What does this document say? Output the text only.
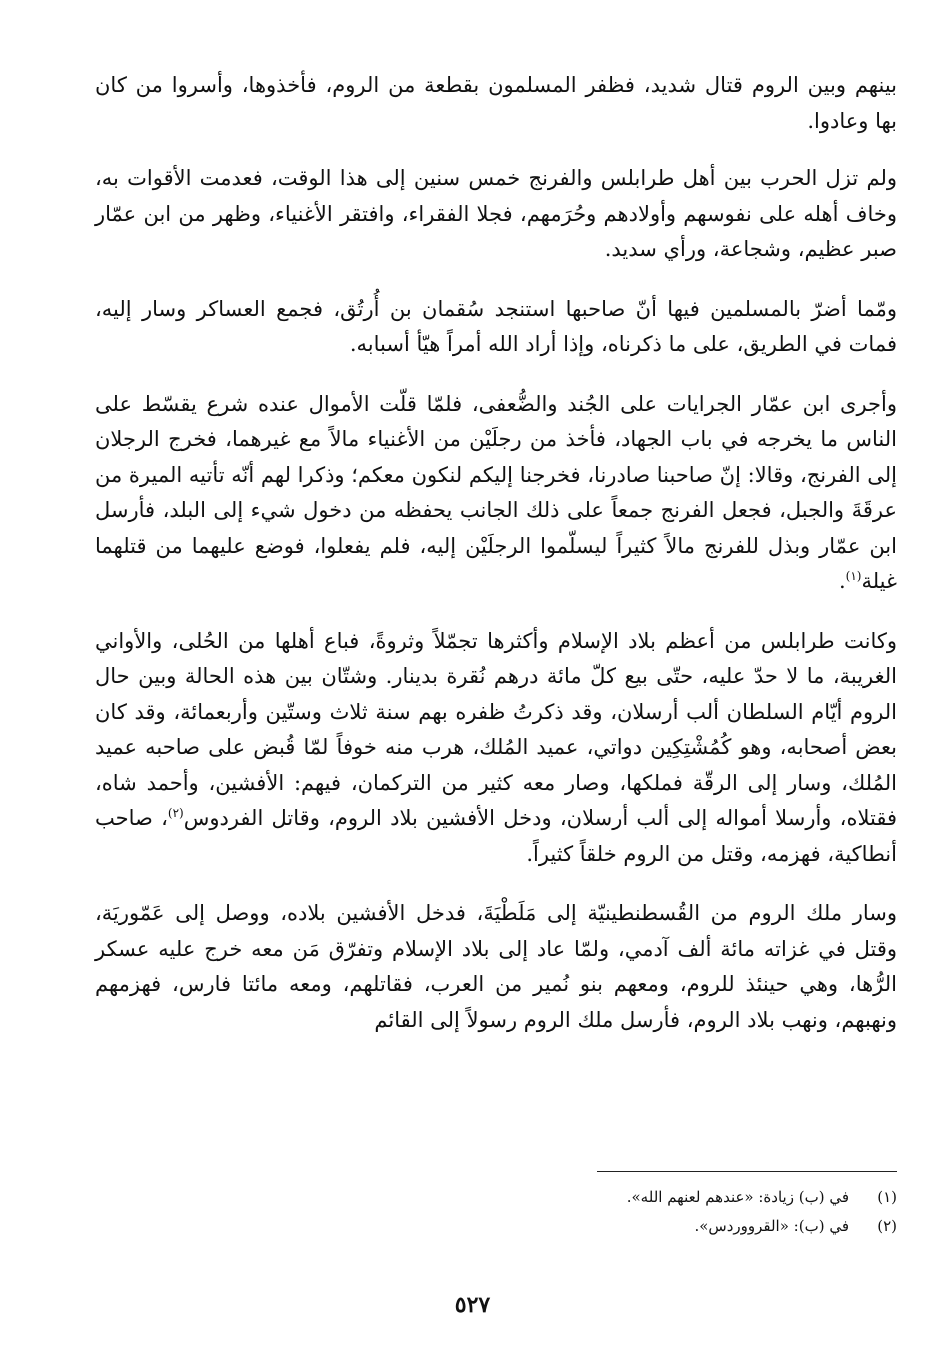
بينهم وبين الروم قتال شديد، فظفر المسلمون بقطعة من الروم، فأخذوها، وأسروا من كان بها وعادوا.

ولم تزل الحرب بين أهل طرابلس والفرنج خمس سنين إلى هذا الوقت، فعدمت الأقوات به، وخاف أهله على نفوسهم وأولادهم وحُرَمهم، فجلا الفقراء، وافتقر الأغنياء، وظهر من ابن عمّار صبر عظيم، وشجاعة، ورأي سديد.

ومّما أضرّ بالمسلمين فيها أنّ صاحبها استنجد سُقمان بن أُرتُق، فجمع العساكر وسار إليه، فمات في الطريق، على ما ذكرناه، وإذا أراد الله أمراً هيّأ أسبابه.

وأجرى ابن عمّار الجرايات على الجُند والضُّعفى، فلمّا قلّت الأموال عنده شرع يقسّط على الناس ما يخرجه في باب الجهاد، فأخذ من رجلَيْن من الأغنياء مالاً مع غيرهما، فخرج الرجلان إلى الفرنج، وقالا: إنّ صاحبنا صادرنا، فخرجنا إليكم لنكون معكم؛ وذكرا لهم أنّه تأتيه الميرة من عرقَةَ والجبل، فجعل الفرنج جمعاً على ذلك الجانب يحفظه من دخول شيء إلى البلد، فأرسل ابن عمّار وبذل للفرنج مالاً كثيراً ليسلّموا الرجلَيْن إليه، فلم يفعلوا، فوضع عليهما من قتلهما غيلة$^{(١)}$.

وكانت طرابلس من أعظم بلاد الإسلام وأكثرها تجمّلاً وثروةً، فباع أهلها من الحُلى، والأواني الغريبة، ما لا حدّ عليه، حتّى بيع كلّ مائة درهم نُقرة بدينار. وشتّان بين هذه الحالة وبين حال الروم أيّام السلطان ألب أرسلان، وقد ذكرتُ ظفره بهم سنة ثلاث وستّين وأربعمائة، وقد كان بعض أصحابه، وهو كُمُشْتِكِين دواتي، عميد المُلك، هرب منه خوفاً لمّا قُبض على صاحبه عميد المُلك، وسار إلى الرقّة فملكها، وصار معه كثير من التركمان، فيهم: الأفشين، وأحمد شاه، فقتلاه، وأرسلا أمواله إلى ألب أرسلان، ودخل الأفشين بلاد الروم، وقاتل الفردوس$^{(٢)}$، صاحب أنطاكية، فهزمه، وقتل من الروم خلقاً كثيراً.

وسار ملك الروم من القُسطنطينيّة إلى مَلَطْيَةَ، فدخل الأفشين بلاده، ووصل إلى عَمّوريَة، وقتل في غزاته مائة ألف آدمي، ولمّا عاد إلى بلاد الإسلام وتفرّق مَن معه خرج عليه عسكر الرُّها، وهي حينئذ للروم، ومعهم بنو نُمير من العرب، فقاتلهم، ومعه مائتا فارس، فهزمهم ونهبهم، ونهب بلاد الروم، فأرسل ملك الروم رسولاً إلى القائم

(١)
في (ب) زيادة: «عندهم لعنهم الله».
(٢)
في (ب): «القرووردس».
٥٢٧
